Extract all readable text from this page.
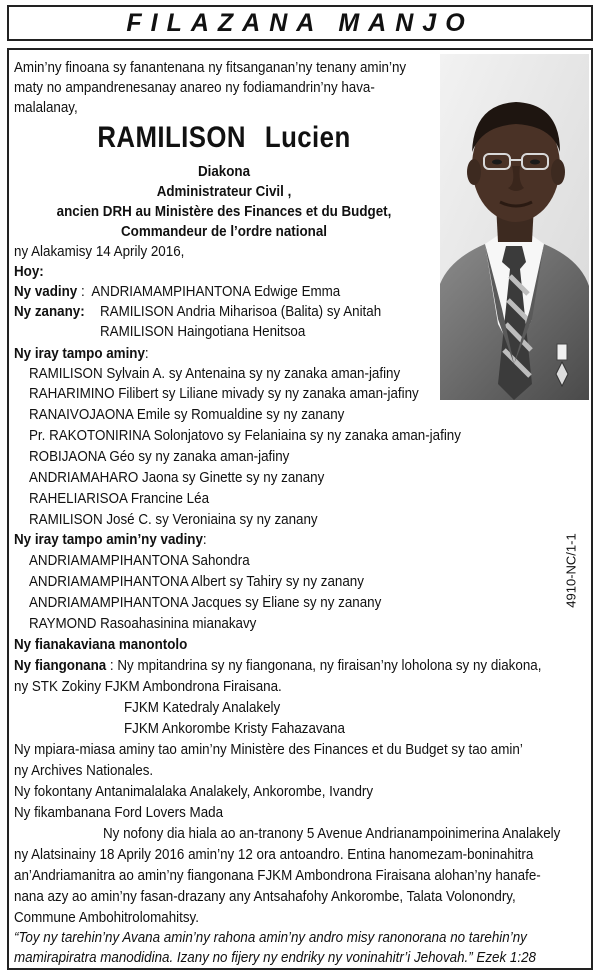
FILAZANA MANJO
4910-NC/1-1
Amin’ny finoana sy fanantenana ny fitsanganan’ny tenany amin’ny
maty no ampandrenesanay anareo ny fodiamandrin’ny hava-
malalanay,
RAMILISON Lucien
Diakona
Administrateur Civil ,
ancien DRH au Ministère des Finances et du Budget,
Commandeur de l’ordre national
ny Alakamisy 14 Aprily 2016,
Hoy:
Ny vadiny : ANDRIAMAMPIHANTONA Edwige Emma
Ny zanany: RAMILISON Andria Miharisoa (Balita) sy Anitah
RAMILISON Haingotiana Henitsoa
Ny iray tampo aminy:
RAMILISON Sylvain A. sy Antenaina sy ny zanaka aman-jafiny
RAHARIMINO Filibert sy Liliane mivady sy ny zanaka aman-jafiny
RANAIVOJAONA Emile sy Romualdine sy ny zanany
Pr. RAKOTONIRINA Solonjatovo sy Felaniaina sy ny zanaka aman-jafiny
ROBIJAONA Géo sy ny zanaka aman-jafiny
ANDRIAMAHARO Jaona sy Ginette sy ny zanany
RAHELIARISOA Francine Léa
RAMILISON José C. sy Veroniaina sy ny zanany
Ny iray tampo amin’ny vadiny:
ANDRIAMAMPIHANTONA Sahondra
ANDRIAMAMPIHANTONA Albert sy Tahiry sy ny zanany
ANDRIAMAMPIHANTONA Jacques sy Eliane sy ny zanany
RAYMOND Rasoahasinina mianakavy
Ny fianakaviana manontolo
Ny fiangonana : Ny mpitandrina sy ny fiangonana, ny firaisan’ny loholona sy ny diakona,
ny STK Zokiny FJKM Ambondrona Firaisana.
FJKM Katedraly Analakely
FJKM Ankorombe Kristy Fahazavana
Ny mpiara-miasa aminy tao amin’ny Ministère des Finances et du Budget sy tao amin’
ny Archives Nationales.
Ny fokontany Antanimalalaka Analakely, Ankorombe, Ivandry
Ny fikambanana Ford Lovers Mada
Ny nofony dia hiala ao an-tranony 5 Avenue Andrianampoinimerina Analakely
ny Alatsinainy 18 Aprily 2016 amin’ny 12 ora antoandro. Entina hanomezam-boninahitra
an’Andriamanitra ao amin’ny fiangonana FJKM Ambondrona Firaisana alohan’ny hanafe-
nana azy ao amin’ny fasan-drazany any Antsahafohy Ankorombe, Talata Volonondry,
Commune Ambohitrolomahitsy.
“Toy ny tarehin’ny Avana amin’ny rahona amin’ny andro misy ranonorana no tarehin’ny
mamirapiratra manodidina. Izany no fijery ny endriky ny voninahitr’i Jehovah.” Ezek 1:28
